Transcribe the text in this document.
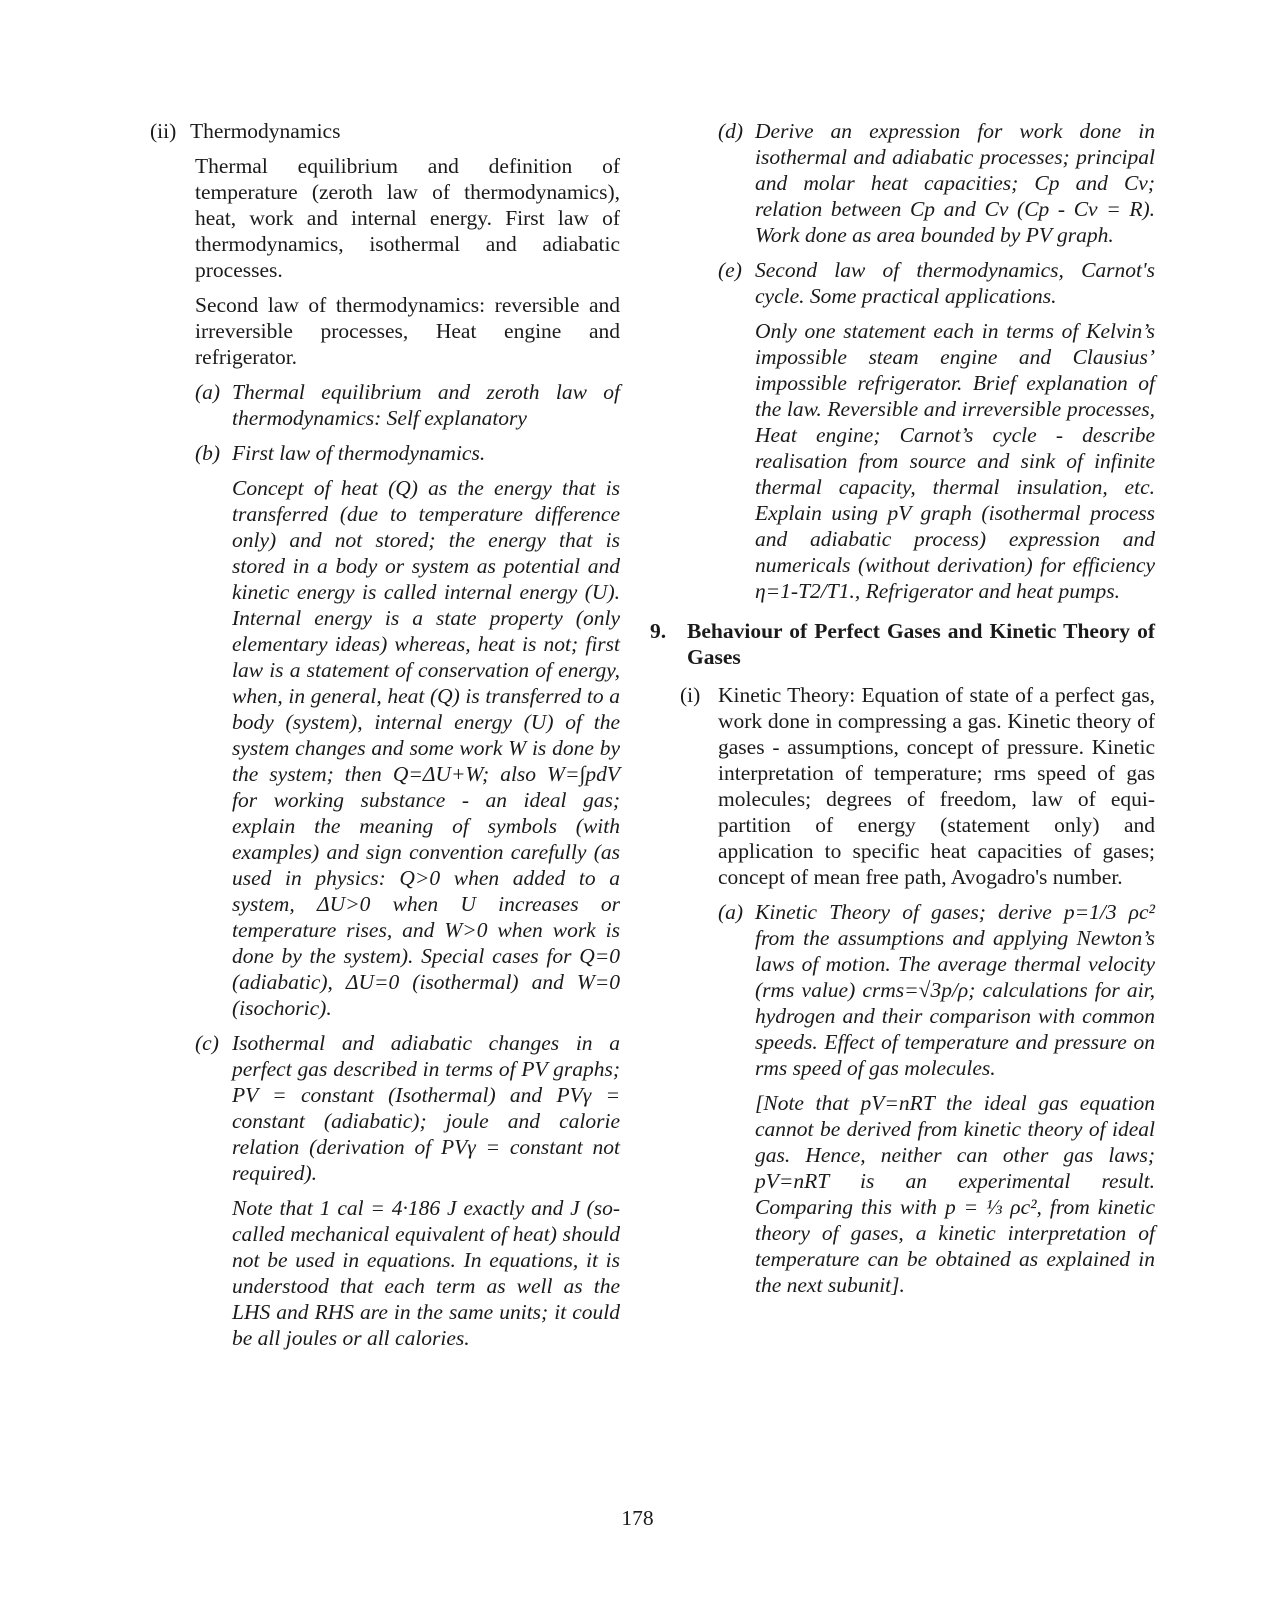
(ii) Thermodynamics

Thermal equilibrium and definition of temperature (zeroth law of thermodynamics), heat, work and internal energy. First law of thermodynamics, isothermal and adiabatic processes.

Second law of thermodynamics: reversible and irreversible processes, Heat engine and refrigerator.

(a) Thermal equilibrium and zeroth law of thermodynamics: Self explanatory
(b) First law of thermodynamics.

Concept of heat (Q) as the energy that is transferred (due to temperature difference only) and not stored; the energy that is stored in a body or system as potential and kinetic energy is called internal energy (U). Internal energy is a state property (only elementary ideas) whereas, heat is not; first law is a statement of conservation of energy, when, in general, heat (Q) is transferred to a body (system), internal energy (U) of the system changes and some work W is done by the system; then Q=ΔU+W; also W=∫pdV for working substance - an ideal gas; explain the meaning of symbols (with examples) and sign convention carefully (as used in physics: Q>0 when added to a system, ΔU>0 when U increases or temperature rises, and W>0 when work is done by the system). Special cases for Q=0 (adiabatic), ΔU=0 (isothermal) and W=0 (isochoric).

(c) Isothermal and adiabatic changes in a perfect gas described in terms of PV graphs; PV = constant (Isothermal) and PVγ = constant (adiabatic); joule and calorie relation (derivation of PVγ = constant not required).

Note that 1 cal = 4·186 J exactly and J (so-called mechanical equivalent of heat) should not be used in equations. In equations, it is understood that each term as well as the LHS and RHS are in the same units; it could be all joules or all calories.

(d) Derive an expression for work done in isothermal and adiabatic processes; principal and molar heat capacities; Cp and Cv; relation between Cp and Cv (Cp - Cv = R). Work done as area bounded by PV graph.
(e) Second law of thermodynamics, Carnot's cycle. Some practical applications.

Only one statement each in terms of Kelvin’s impossible steam engine and Clausius’ impossible refrigerator. Brief explanation of the law. Reversible and irreversible processes, Heat engine; Carnot’s cycle - describe realisation from source and sink of infinite thermal capacity, thermal insulation, etc. Explain using pV graph (isothermal process and adiabatic process) expression and numericals (without derivation) for efficiency η=1-T2/T1., Refrigerator and heat pumps.

9. Behaviour of Perfect Gases and Kinetic Theory of Gases
(i) Kinetic Theory: Equation of state of a perfect gas, work done in compressing a gas. Kinetic theory of gases - assumptions, concept of pressure. Kinetic interpretation of temperature; rms speed of gas molecules; degrees of freedom, law of equi-partition of energy (statement only) and application to specific heat capacities of gases; concept of mean free path, Avogadro's number.
(a) Kinetic Theory of gases; derive p=1/3 ρc² from the assumptions and applying Newton’s laws of motion. The average thermal velocity (rms value) crms=√3p/ρ; calculations for air, hydrogen and their comparison with common speeds. Effect of temperature and pressure on rms speed of gas molecules.

[Note that pV=nRT the ideal gas equation cannot be derived from kinetic theory of ideal gas. Hence, neither can other gas laws; pV=nRT is an experimental result. Comparing this with p = ⅓ ρc², from kinetic theory of gases, a kinetic interpretation of temperature can be obtained as explained in the next subunit].

178
